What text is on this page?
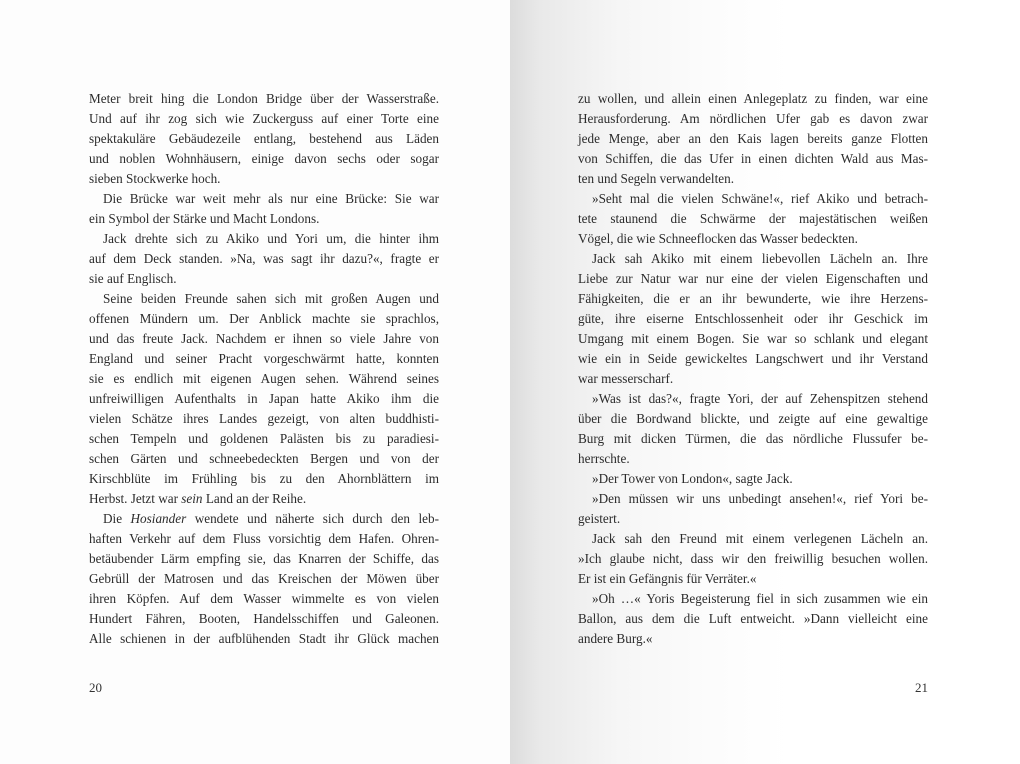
Meter breit hing die London Bridge über der Wasserstraße.
Und auf ihr zog sich wie Zuckerguss auf einer Torte eine
spektakuläre Gebäudezeile entlang, bestehend aus Läden
und noblen Wohnhäusern, einige davon sechs oder sogar
sieben Stockwerke hoch.
Die Brücke war weit mehr als nur eine Brücke: Sie war
ein Symbol der Stärke und Macht Londons.
Jack drehte sich zu Akiko und Yori um, die hinter ihm
auf dem Deck standen. »Na, was sagt ihr dazu?«, fragte er
sie auf Englisch.
Seine beiden Freunde sahen sich mit großen Augen und
offenen Mündern um. Der Anblick machte sie sprachlos,
und das freute Jack. Nachdem er ihnen so viele Jahre von
England und seiner Pracht vorgeschwärmt hatte, konnten
sie es endlich mit eigenen Augen sehen. Während seines
unfreiwilligen Aufenthalts in Japan hatte Akiko ihm die
vielen Schätze ihres Landes gezeigt, von alten buddhisti-
schen Tempeln und goldenen Palästen bis zu paradiesi-
schen Gärten und schneebedeckten Bergen und von der
Kirschblüte im Frühling bis zu den Ahornblättern im
Herbst. Jetzt war sein Land an der Reihe.
Die Hosiander wendete und näherte sich durch den leb-
haften Verkehr auf dem Fluss vorsichtig dem Hafen. Ohren-
betäubender Lärm empfing sie, das Knarren der Schiffe, das
Gebrüll der Matrosen und das Kreischen der Möwen über
ihren Köpfen. Auf dem Wasser wimmelte es von vielen
Hundert Fähren, Booten, Handelsschiffen und Galeonen.
Alle schienen in der aufblühenden Stadt ihr Glück machen
20
zu wollen, und allein einen Anlegeplatz zu finden, war eine
Herausforderung. Am nördlichen Ufer gab es davon zwar
jede Menge, aber an den Kais lagen bereits ganze Flotten
von Schiffen, die das Ufer in einen dichten Wald aus Mas-
ten und Segeln verwandelten.
»Seht mal die vielen Schwäne!«, rief Akiko und betrach-
tete staunend die Schwärme der majestätischen weißen
Vögel, die wie Schneeflocken das Wasser bedeckten.
Jack sah Akiko mit einem liebevollen Lächeln an. Ihre
Liebe zur Natur war nur eine der vielen Eigenschaften und
Fähigkeiten, die er an ihr bewunderte, wie ihre Herzens-
güte, ihre eiserne Entschlossenheit oder ihr Geschick im
Umgang mit einem Bogen. Sie war so schlank und elegant
wie ein in Seide gewickeltes Langschwert und ihr Verstand
war messerscharf.
»Was ist das?«, fragte Yori, der auf Zehenspitzen stehend
über die Bordwand blickte, und zeigte auf eine gewaltige
Burg mit dicken Türmen, die das nördliche Flussufer be-
herrschte.
»Der Tower von London«, sagte Jack.
»Den müssen wir uns unbedingt ansehen!«, rief Yori be-
geistert.
Jack sah den Freund mit einem verlegenen Lächeln an.
»Ich glaube nicht, dass wir den freiwillig besuchen wollen.
Er ist ein Gefängnis für Verräter.«
»Oh …« Yoris Begeisterung fiel in sich zusammen wie ein
Ballon, aus dem die Luft entweicht. »Dann vielleicht eine
andere Burg.«
21
